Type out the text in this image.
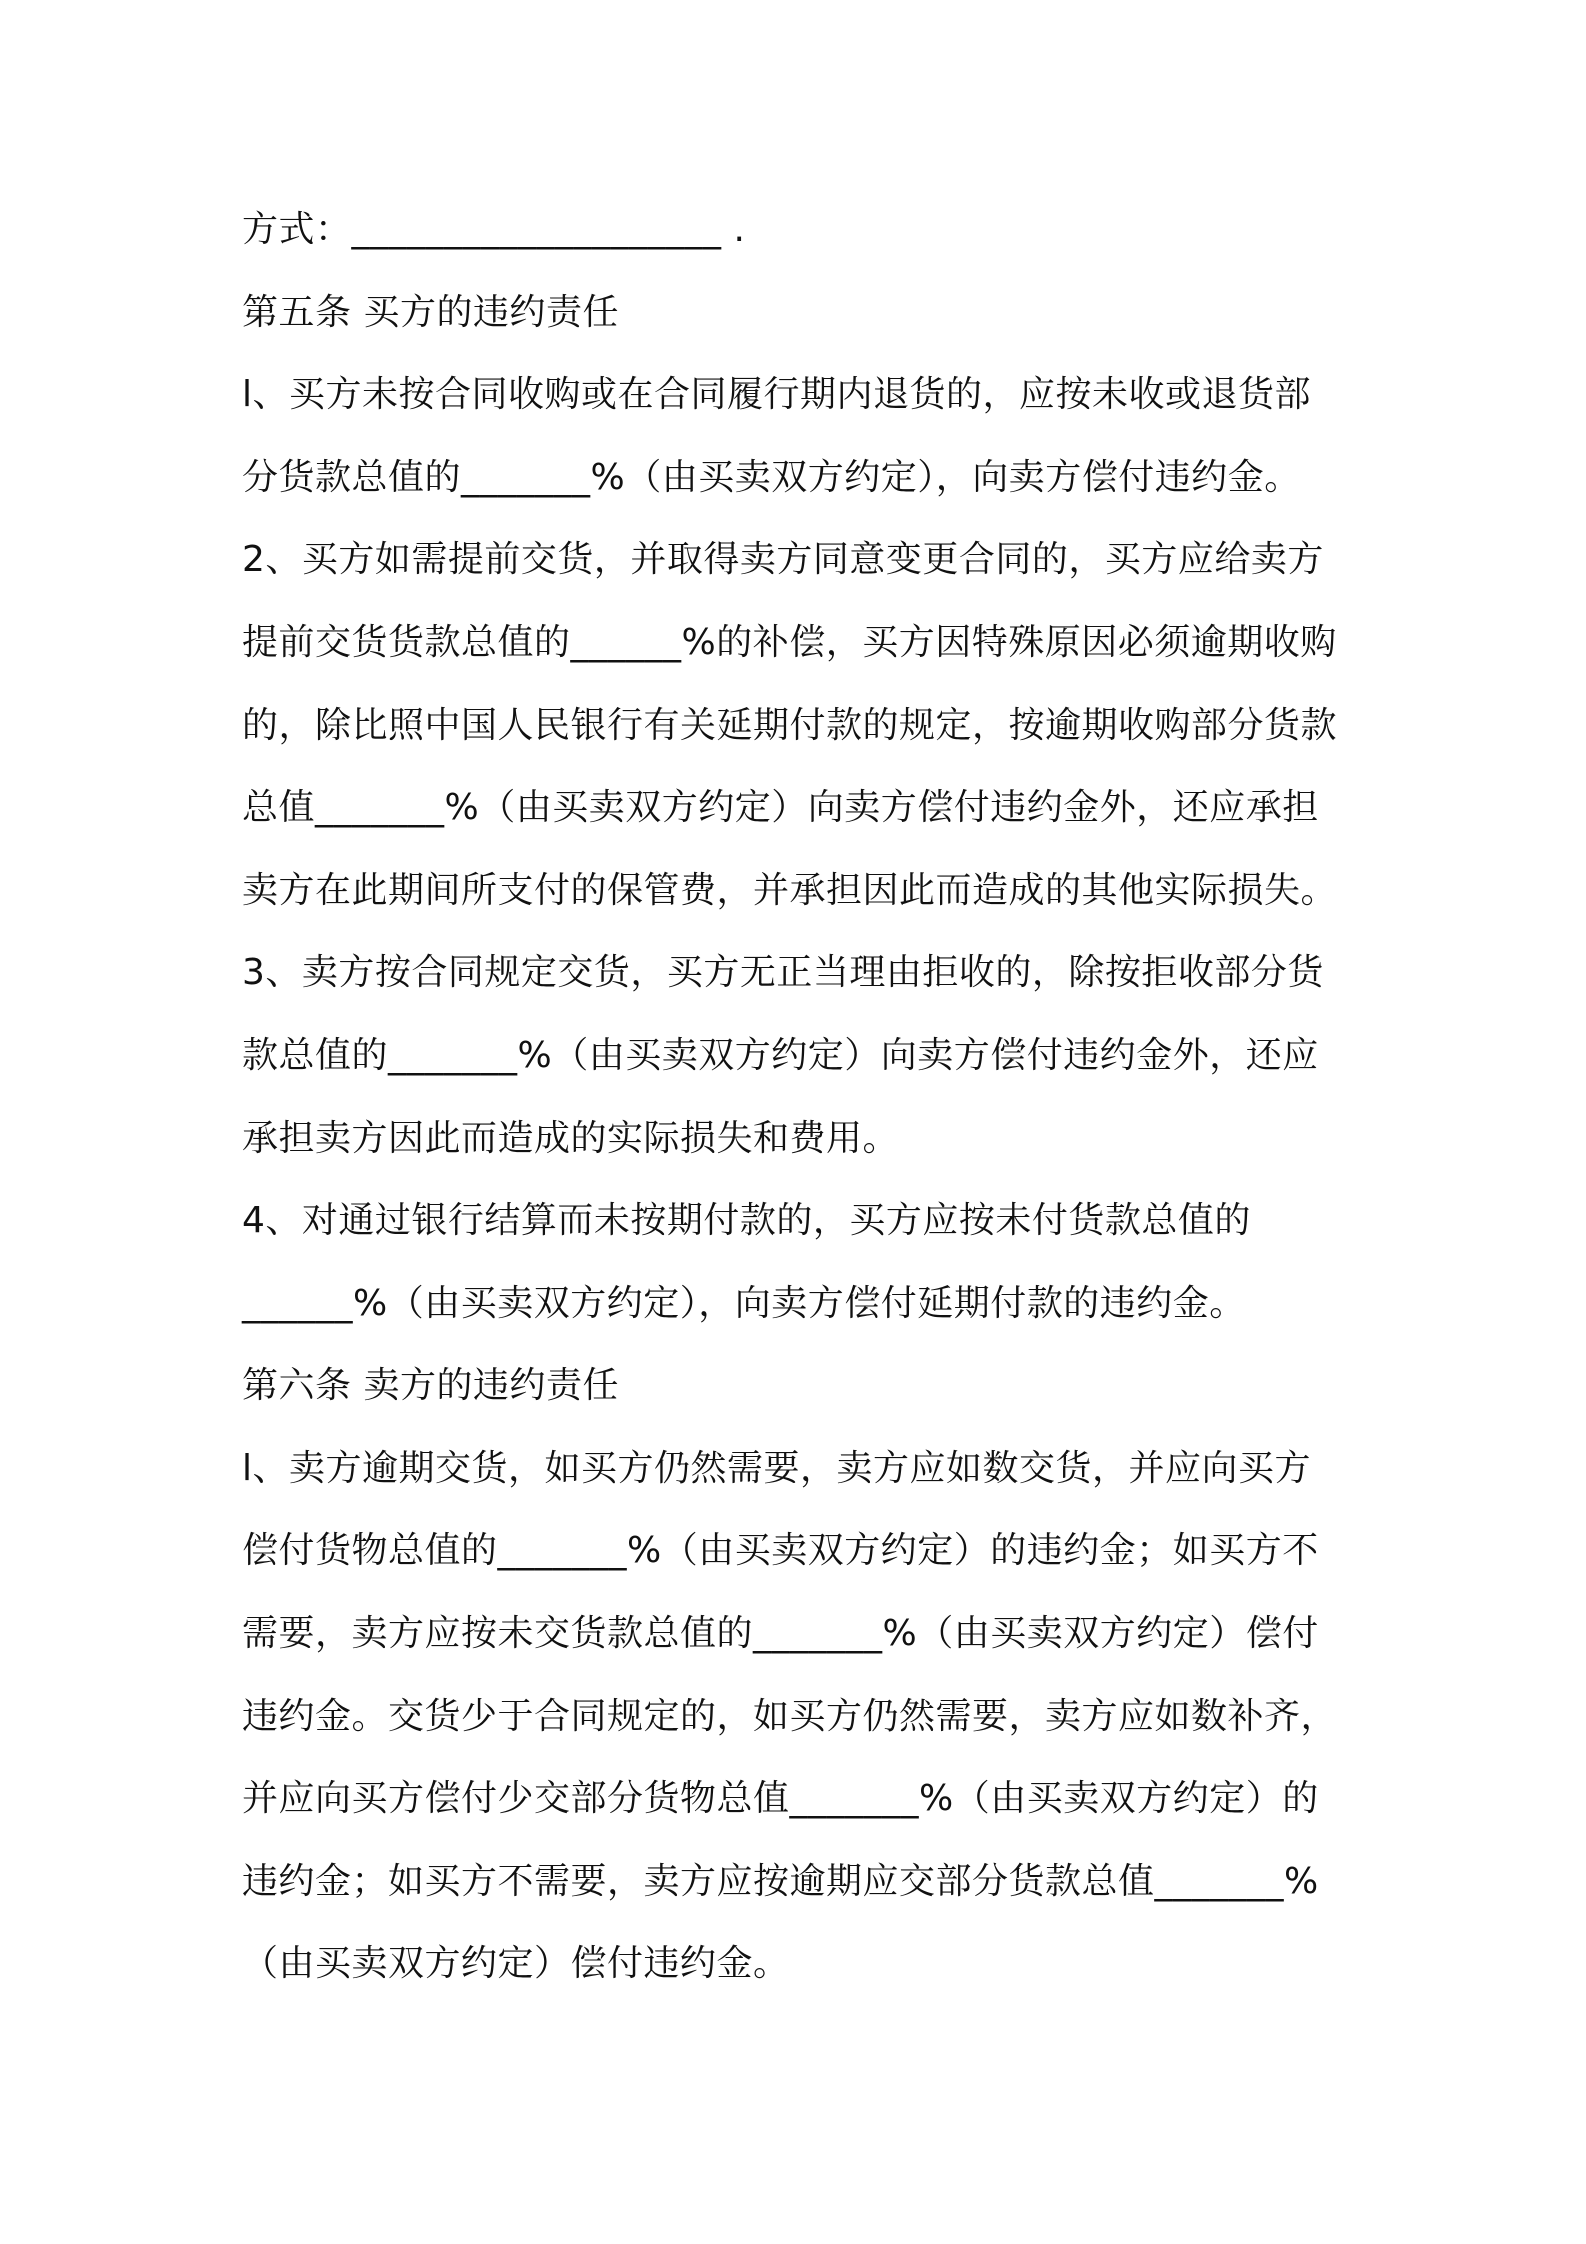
方式：____________________ .
第五条 买方的违约责任
l、买方未按合同收购或在合同履行期内退货的，应按未收或退货部
分货款总值的_______%（由买卖双方约定），向卖方偿付违约金。
2、买方如需提前交货，并取得卖方同意变更合同的，买方应给卖方
提前交货货款总值的______%的补偿，买方因特殊原因必须逾期收购
的，除比照中国人民银行有关延期付款的规定，按逾期收购部分货款
总值_______%（由买卖双方约定）向卖方偿付违约金外，还应承担
卖方在此期间所支付的保管费，并承担因此而造成的其他实际损失。
3、卖方按合同规定交货，买方无正当理由拒收的，除按拒收部分货
款总值的_______%（由买卖双方约定）向卖方偿付违约金外，还应
承担卖方因此而造成的实际损失和费用。
4、对通过银行结算而未按期付款的，买方应按未付货款总值的
______%（由买卖双方约定），向卖方偿付延期付款的违约金。
第六条 卖方的违约责任
l、卖方逾期交货，如买方仍然需要，卖方应如数交货，并应向买方
偿付货物总值的_______%（由买卖双方约定）的违约金；如买方不
需要，卖方应按未交货款总值的_______%（由买卖双方约定）偿付
违约金。交货少于合同规定的，如买方仍然需要，卖方应如数补齐，
并应向买方偿付少交部分货物总值_______%（由买卖双方约定）的
违约金；如买方不需要，卖方应按逾期应交部分货款总值_______%
（由买卖双方约定）偿付违约金。
